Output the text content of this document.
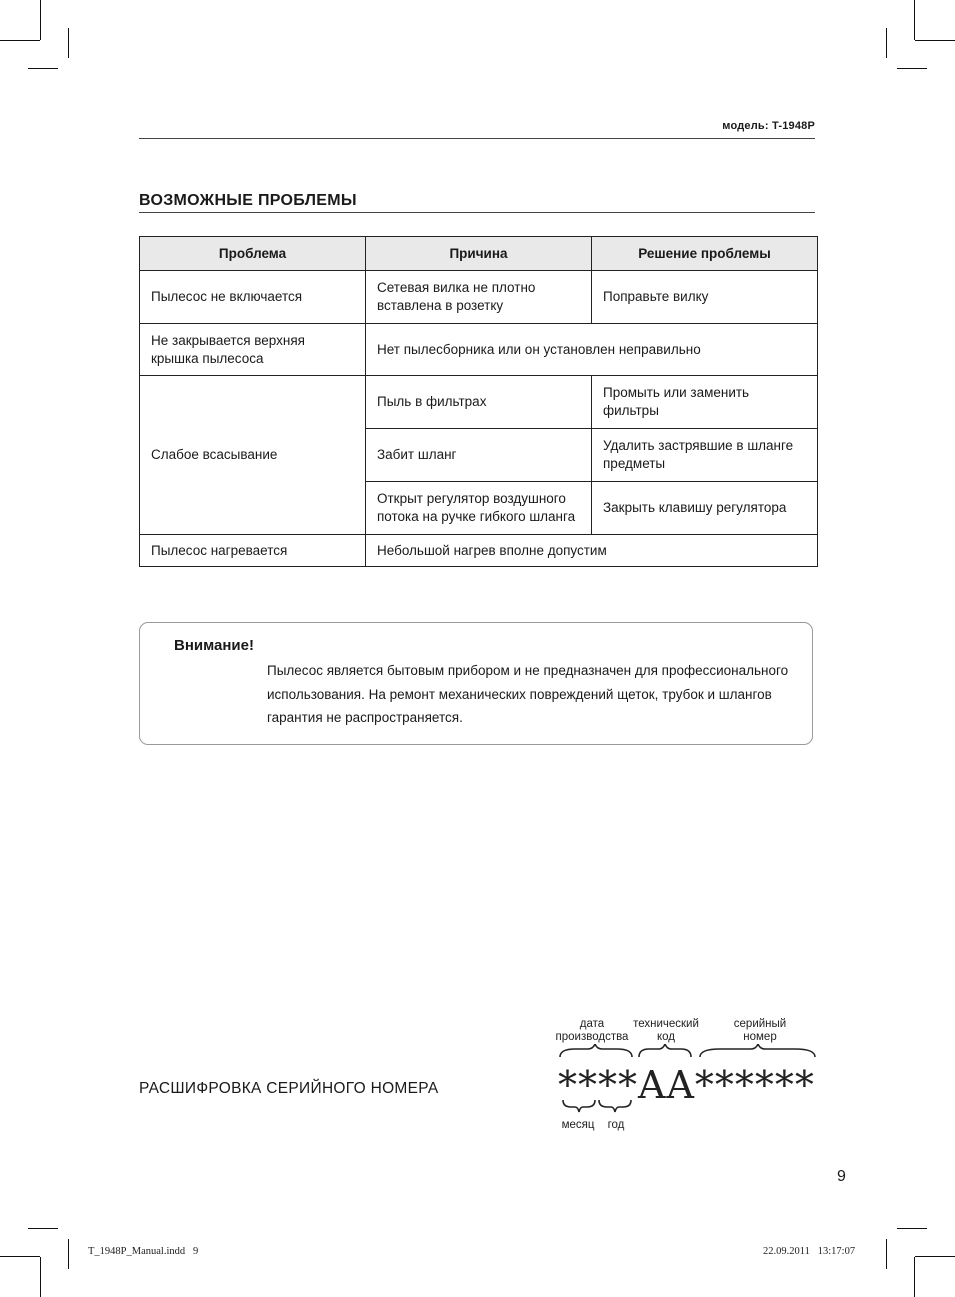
модель: T-1948P
ВОЗМОЖНЫЕ ПРОБЛЕМЫ
Проблема	Причина	Решение проблемы
Пылесос не включается	Сетевая вилка не плотно вставлена в розетку	Поправьте вилку
Не закрывается верхняя крышка пылесоса	Нет пылесборника или он установлен неправильно	
Слабое всасывание	Пыль в фильтрах	Промыть или заменить фильтры
	Забит шланг	Удалить застрявшие в шланге предметы
	Открыт регулятор воздушного потока на ручке гибкого шланга	Закрыть клавишу регулятора
Пылесос нагревается	Небольшой нагрев вполне допустим	
Внимание!
Пылесос является бытовым прибором и не предназначен для профессионального использования. На ремонт механических повреждений щеток, трубок и шлангов гарантия не распространяется.
РАСШИФРОВКА СЕРИЙНОГО НОМЕРА
дата
производства
технический
код
серийный
номер
****AA******
месяц	год
9
T_1948P_Manual.indd   9	22.09.2011   13:17:07
